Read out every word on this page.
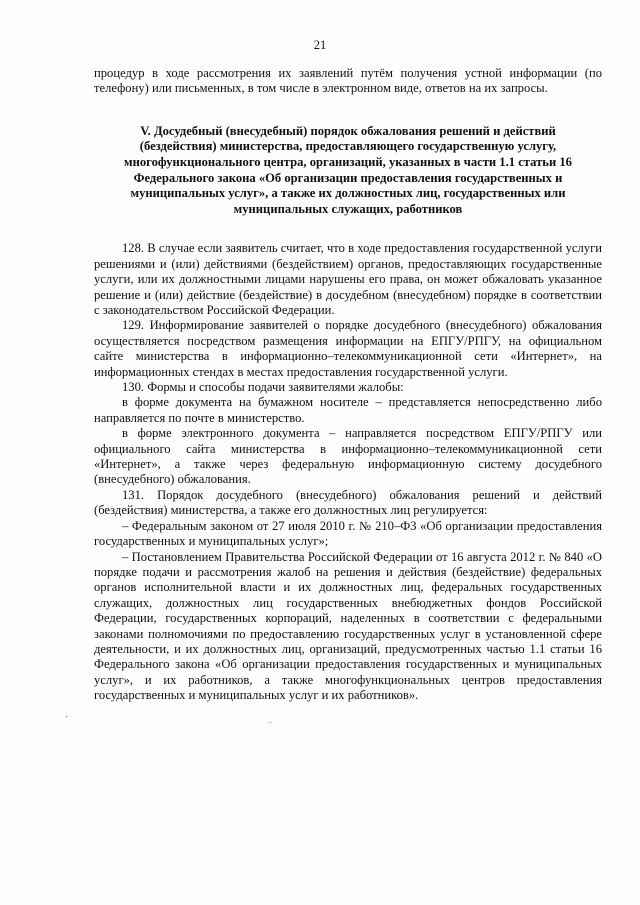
21

процедур в ходе рассмотрения их заявлений путём получения устной информации (по телефону) или письменных, в том числе в электронном виде, ответов на их запросы.

V. Досудебный (внесудебный) порядок обжалования решений и действий (бездействия) министерства, предоставляющего государственную услугу, многофункционального центра, организаций, указанных в части 1.1 статьи 16 Федерального закона «Об организации предоставления государственных и муниципальных услуг», а также их должностных лиц, государственных или муниципальных служащих, работников

128. В случае если заявитель считает, что в ходе предоставления государственной услуги решениями и (или) действиями (бездействием) органов, предоставляющих государственные услуги, или их должностными лицами нарушены его права, он может обжаловать указанное решение и (или) действие (бездействие) в досудебном (внесудебном) порядке в соответствии с законодательством Российской Федерации.

129. Информирование заявителей о порядке досудебного (внесудебного) обжалования осуществляется посредством размещения информации на ЕПГУ/РПГУ, на официальном сайте министерства в информационно–телекоммуникационной сети «Интернет», на информационных стендах в местах предоставления государственной услуги.

130. Формы и способы подачи заявителями жалобы:

в форме документа на бумажном носителе – представляется непосредственно либо направляется по почте в министерство.

в форме электронного документа – направляется посредством ЕПГУ/РПГУ или официального сайта министерства в информационно–телекоммуникационной сети «Интернет», а также через федеральную информационную систему досудебного (внесудебного) обжалования.

131. Порядок досудебного (внесудебного) обжалования решений и действий (бездействия) министерства, а также его должностных лиц регулируется:

– Федеральным законом от 27 июля 2010 г. № 210–ФЗ «Об организации предоставления государственных и муниципальных услуг»;

– Постановлением Правительства Российской Федерации от 16 августа 2012 г. № 840 «О порядке подачи и рассмотрения жалоб на решения и действия (бездействие) федеральных органов исполнительной власти и их должностных лиц, федеральных государственных служащих, должностных лиц государственных внебюджетных фондов Российской Федерации, государственных корпораций, наделенных в соответствии с федеральными законами полномочиями по предоставлению государственных услуг в установленной сфере деятельности, и их должностных лиц, организаций, предусмотренных частью 1.1 статьи 16 Федерального закона «Об организации предоставления государственных и муниципальных услуг», и их работников, а также многофункциональных центров предоставления государственных и муниципальных услуг и их работников».
